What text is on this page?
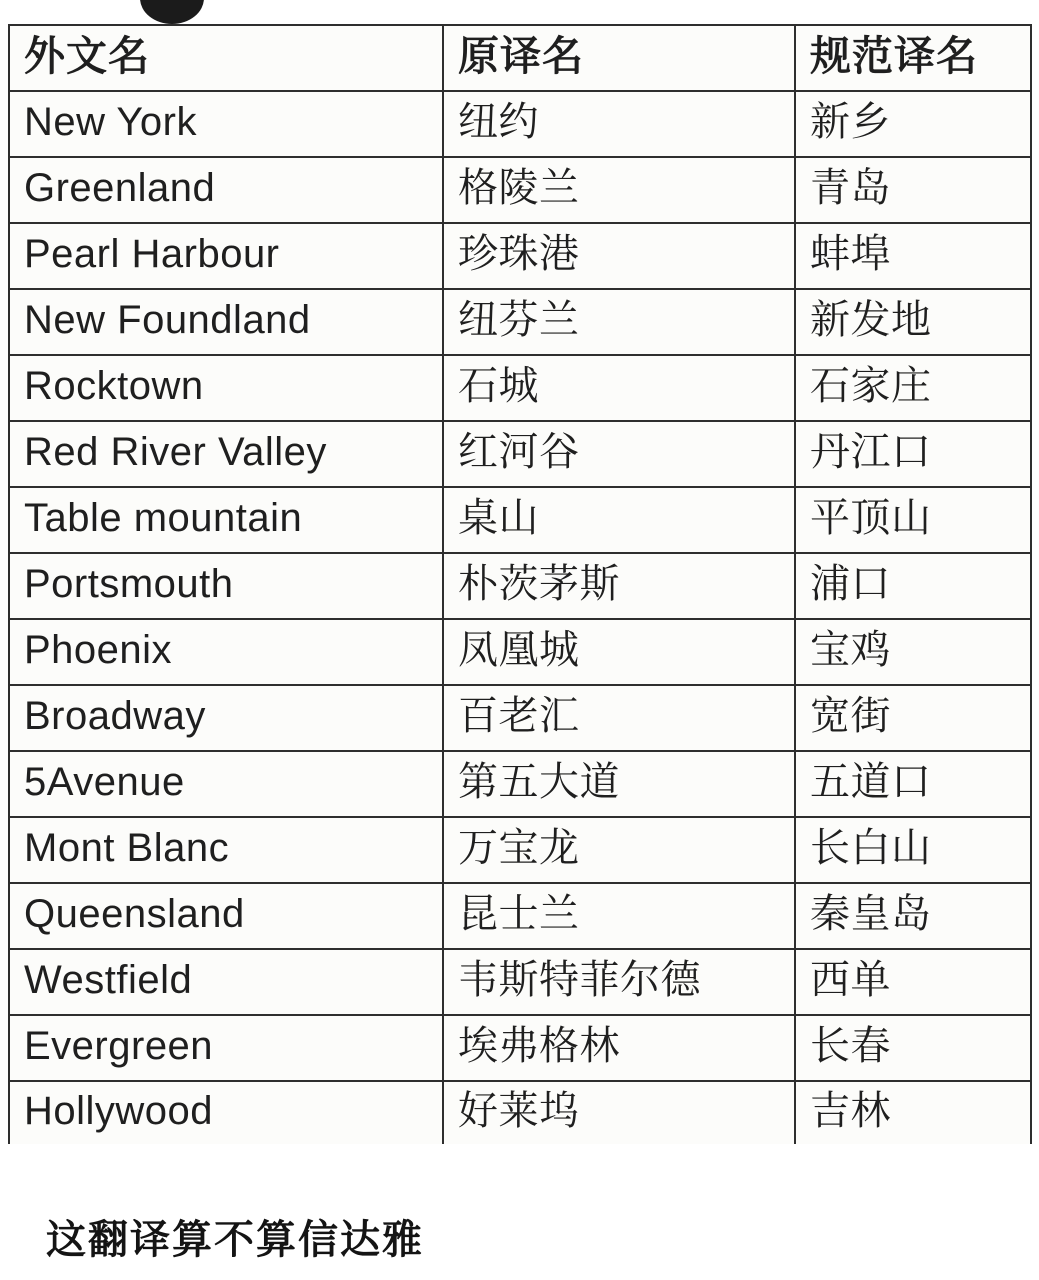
外文名	原译名	规范译名
New York	纽约	新乡
Greenland	格陵兰	青岛
Pearl Harbour	珍珠港	蚌埠
New Foundland	纽芬兰	新发地
Rocktown	石城	石家庄
Red River Valley	红河谷	丹江口
Table mountain	桌山	平顶山
Portsmouth	朴茨茅斯	浦口
Phoenix	凤凰城	宝鸡
Broadway	百老汇	宽街
5Avenue	第五大道	五道口
Mont Blanc	万宝龙	长白山
Queensland	昆士兰	秦皇岛
Westfield	韦斯特菲尔德	西单
Evergreen	埃弗格林	长春
Hollywood	好莱坞	吉林
这翻译算不算信达雅
